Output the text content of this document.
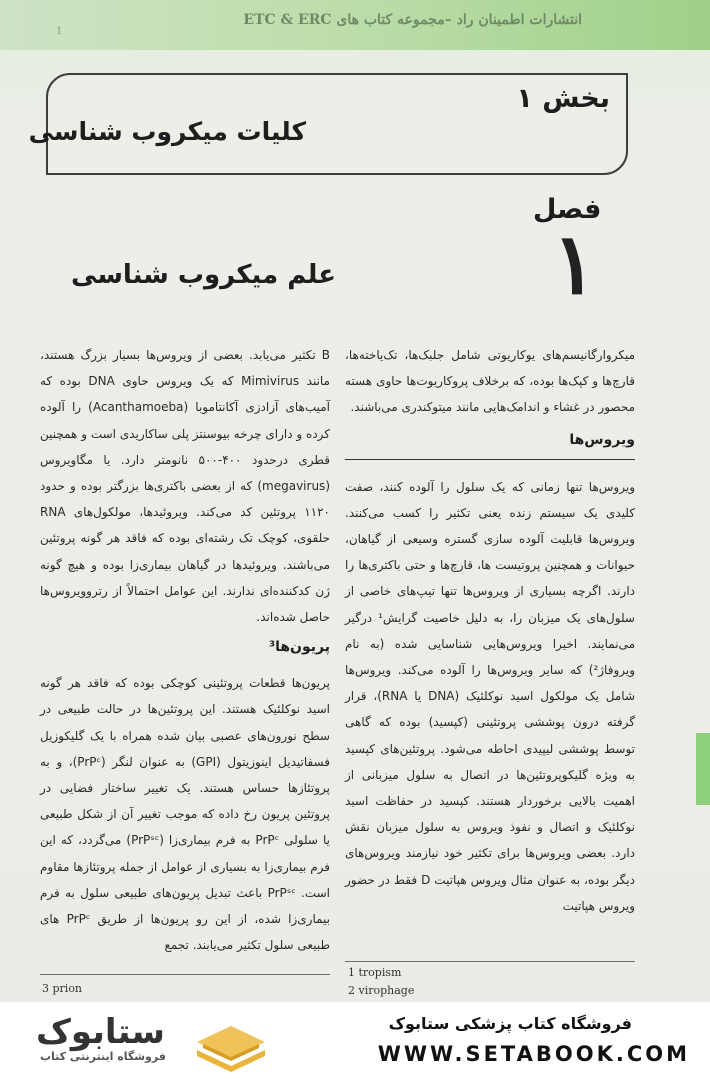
انتشارات اطمینان راد –مجموعه کتاب های ETC & ERC
1
بخش ۱
کلیات میکروب شناسی
فصل
۱
علم میکروب شناسی

میکروارگانیسم‌های یوکاریوتی شامل جلبک‌ها، تک‌یاخته‌ها، قارچ‌ها و کپک‌ها بوده، که برخلاف پروکاریوت‌ها حاوی هسته محصور در غشاء و اندامک‌هایی مانند میتوکندری می‌باشند.

ویروس‌ها

ویروس‌ها تنها زمانی که یک سلول را آلوده کنند، صفت کلیدی یک سیستم زنده یعنی تکثیر را کسب می‌کنند. ویروس‌ها قابلیت آلوده سازی گستره وسیعی از گیاهان، حیوانات و همچنین پروتیست ها، قارچ‌ها و حتی باکتری‌ها را دارند. اگرچه بسیاری از ویروس‌ها تنها تیپ‌های خاصی از سلول‌های یک میزبان را، به دلیل خاصیت گرایش¹ درگیر می‌نمایند. اخیرا ویروس‌هایی شناسایی شده (به نام ویروفاژ²) که سایر ویروس‌ها را آلوده می‌کند. ویروس‌ها شامل یک مولکول اسید نوکلئیک (DNA یا RNA)، قرار گرفته درون پوششی پروتئینی (کپسید) بوده که گاهی توسط پوششی لیپیدی احاطه می‌شود. پروتئین‌های کپسید به ویژه گلیکوپروتئین‌ها در اتصال به سلول میزبانی از اهمیت بالایی برخوردار هستند. کپسید در حفاظت اسید نوکلئیک و اتصال و نفوذ ویروس به سلول میزبان نقش دارد. بعضی ویروس‌ها برای تکثیر خود نیازمند ویروس‌های دیگر بوده، به عنوان مثال ویروس هپاتیت D فقط در حضور ویروس هپاتیت

B تکثیر می‌یابد. بعضی از ویروس‌ها بسیار بزرگ هستند، مانند Mimivirus که یک ویروس حاوی DNA بوده که آمیب‌های آزادزی آکانتاموبا (Acanthamoeba) را آلوده کرده و دارای چرخه بیوسنتز پلی ساکاریدی است و همچنین قطری درحدود ۴۰۰-۵۰۰ نانومتر دارد. یا مگاویروس (megavirus) که از بعضی باکتری‌ها بزرگتر بوده و حدود ۱۱۲۰ پروتئین کد می‌کند. ویروئیدها، مولکول‌های RNA حلقوی، کوچک تک رشته‌ای بوده که فاقد هر گونه پروتئین می‌باشند. ویروئیدها در گیاهان بیماری‌زا بوده و هیچ گونه ژن کدکننده‌ای ندارند. این عوامل احتمالاً از رتروویروس‌ها حاصل شده‌اند.

پریون‌ها³

پریون‌ها قطعات پروتئینی کوچکی بوده که فاقد هر گونه اسید نوکلئیک هستند. این پروتئین‌ها در حالت طبیعی در سطح نورون‌های عصبی بیان شده همراه با یک گلیکوزیل فسفاتیدیل اینوزیتول (GPI) به عنوان لنگر (PrPᶜ)، و به پروتئازها حساس هستند. یک تغییر ساختار فضایی در پروتئین پریون رخ داده که موجب تغییر آن از شکل طبیعی یا سلولی PrPᶜ به فرم بیماری‌زا (PrPˢᶜ) می‌گردد، که این فرم بیماری‌زا به بسیاری از عوامل از جمله پروتئازها مقاوم است. PrPˢᶜ باعث تبدیل پریون‌های طبیعی سلول به فرم بیماری‌زا شده، از این رو پریون‌ها از طریق PrPᶜ های طبیعی سلول تکثیر می‌یابند. تجمع

1 tropism
2 virophage
3 prion
فروشگاه کتاب پزشکی ستابوک
WWW.SETABOOK.COM
ستابوک
فروشگاه اینترنتی کتاب
